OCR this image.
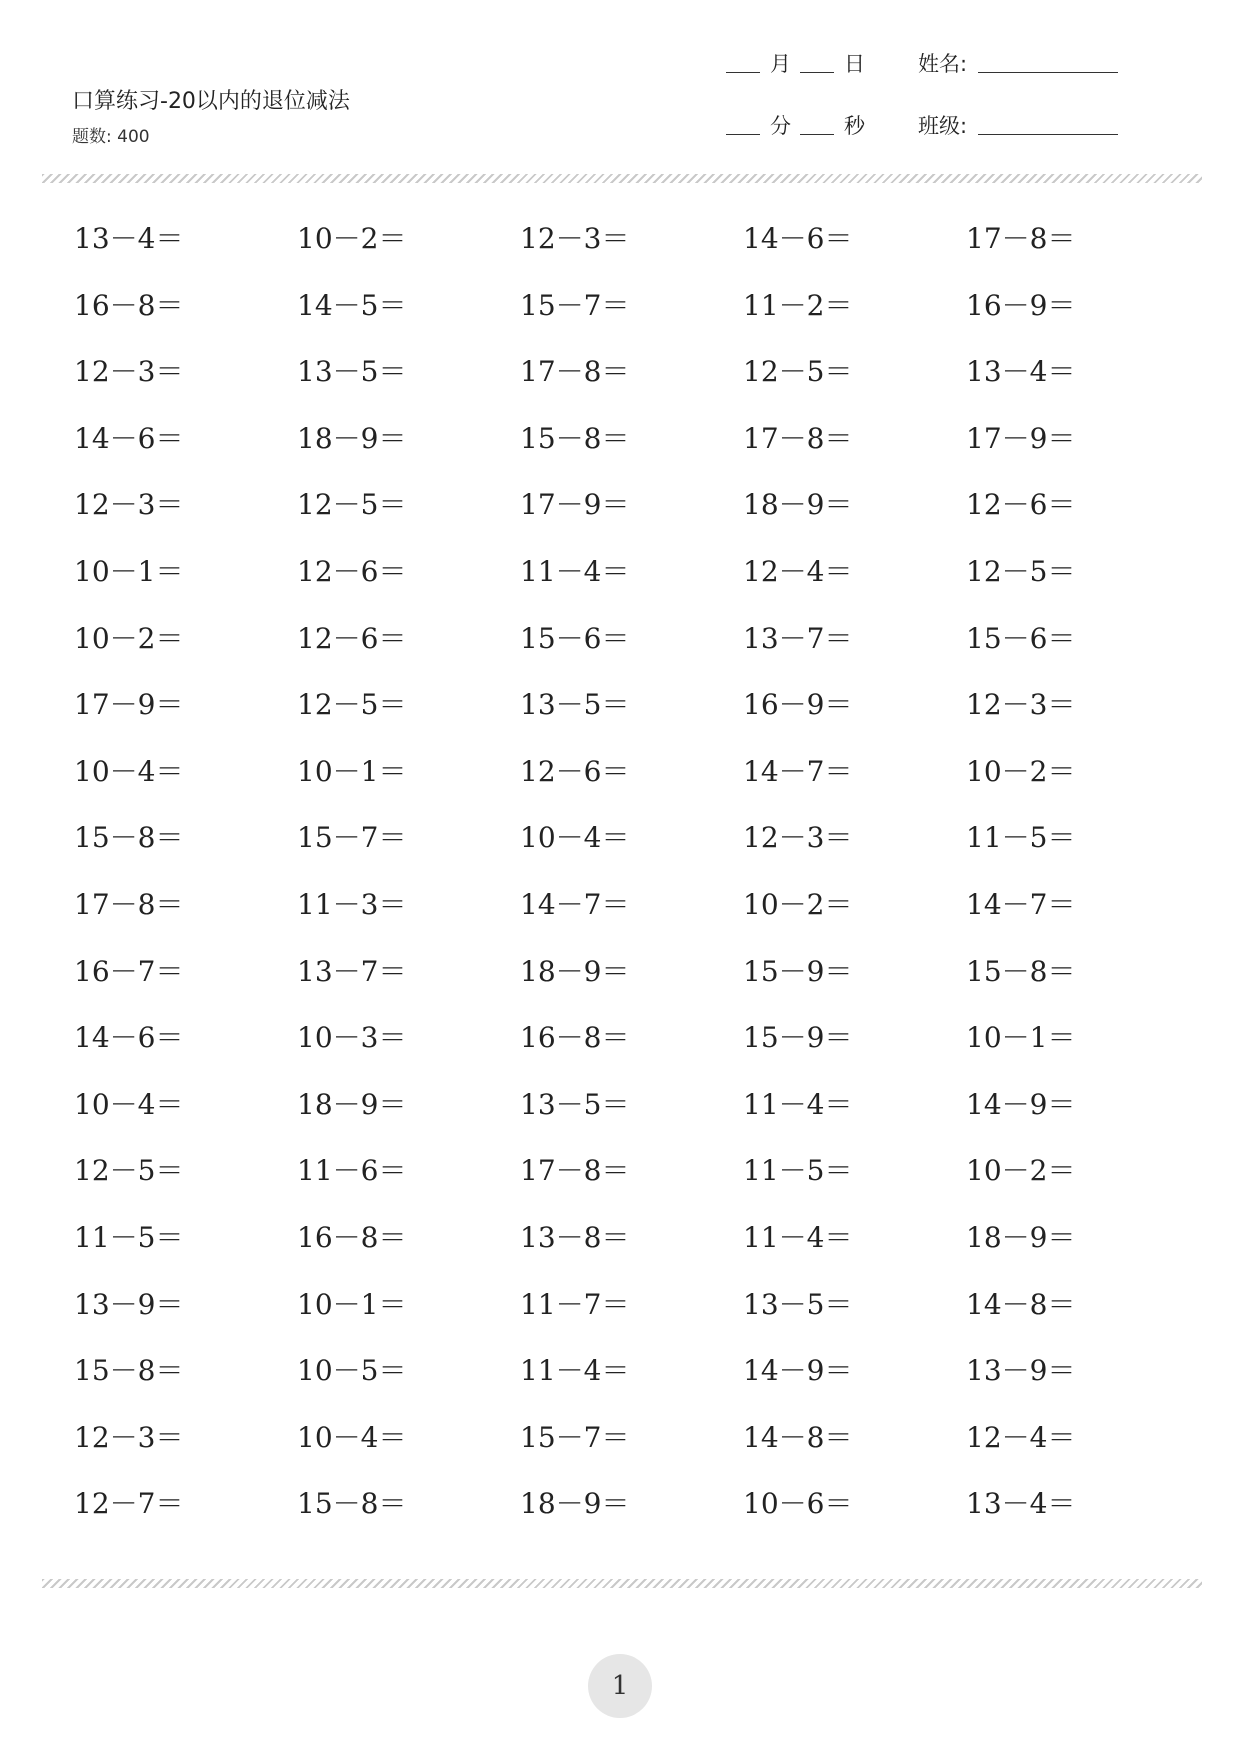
口算练习-20以内的退位减法
题数: 400
月	日
分	秒
姓名:
班级:
13－4＝	10－2＝	12－3＝	14－6＝	17－8＝
16－8＝	14－5＝	15－7＝	11－2＝	16－9＝
12－3＝	13－5＝	17－8＝	12－5＝	13－4＝
14－6＝	18－9＝	15－8＝	17－8＝	17－9＝
12－3＝	12－5＝	17－9＝	18－9＝	12－6＝
10－1＝	12－6＝	11－4＝	12－4＝	12－5＝
10－2＝	12－6＝	15－6＝	13－7＝	15－6＝
17－9＝	12－5＝	13－5＝	16－9＝	12－3＝
10－4＝	10－1＝	12－6＝	14－7＝	10－2＝
15－8＝	15－7＝	10－4＝	12－3＝	11－5＝
17－8＝	11－3＝	14－7＝	10－2＝	14－7＝
16－7＝	13－7＝	18－9＝	15－9＝	15－8＝
14－6＝	10－3＝	16－8＝	15－9＝	10－1＝
10－4＝	18－9＝	13－5＝	11－4＝	14－9＝
12－5＝	11－6＝	17－8＝	11－5＝	10－2＝
11－5＝	16－8＝	13－8＝	11－4＝	18－9＝
13－9＝	10－1＝	11－7＝	13－5＝	14－8＝
15－8＝	10－5＝	11－4＝	14－9＝	13－9＝
12－3＝	10－4＝	15－7＝	14－8＝	12－4＝
12－7＝	15－8＝	18－9＝	10－6＝	13－4＝
1
